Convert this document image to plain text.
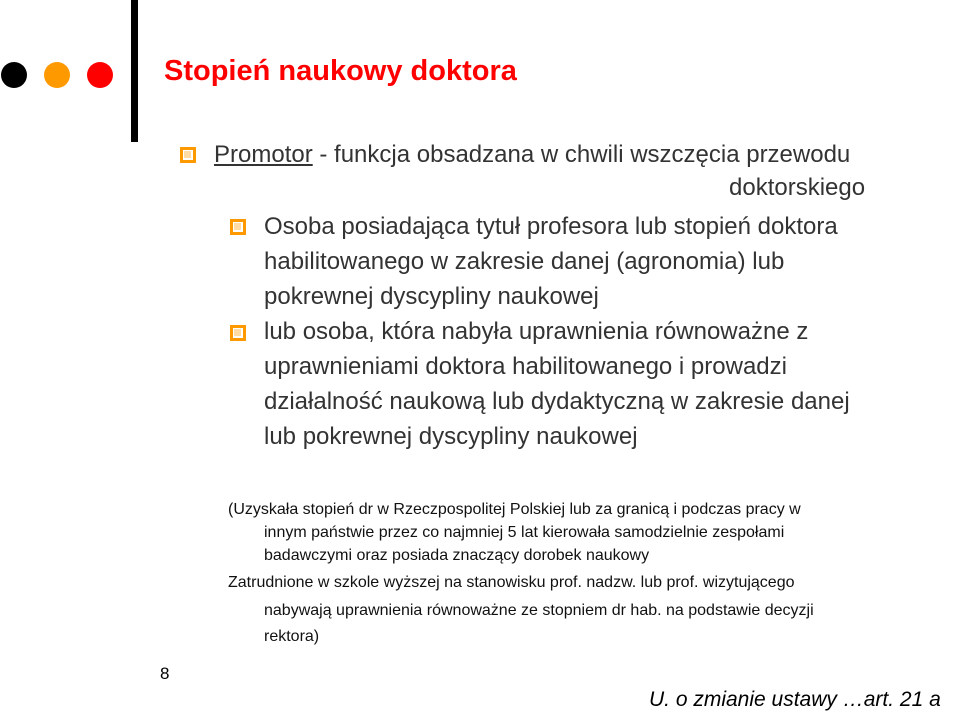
Stopień naukowy doktora
Promotor - funkcja obsadzana w chwili wszczęcia przewodu
doktorskiego
Osoba posiadająca tytuł profesora lub stopień doktora
habilitowanego w zakresie danej (agronomia) lub
pokrewnej dyscypliny naukowej
lub osoba, która nabyła uprawnienia równoważne z
uprawnieniami doktora habilitowanego i prowadzi
działalność naukową lub dydaktyczną w zakresie danej
lub pokrewnej dyscypliny naukowej
(Uzyskała stopień dr w Rzeczpospolitej Polskiej lub za granicą i podczas pracy w
innym państwie przez co najmniej 5 lat kierowała samodzielnie zespołami
badawczymi oraz posiada znaczący dorobek naukowy
Zatrudnione w szkole wyższej na stanowisku prof. nadzw. lub prof. wizytującego
nabywają uprawnienia równoważne ze stopniem dr hab. na podstawie decyzji
rektora)
8
U. o zmianie ustawy …art. 21 a
